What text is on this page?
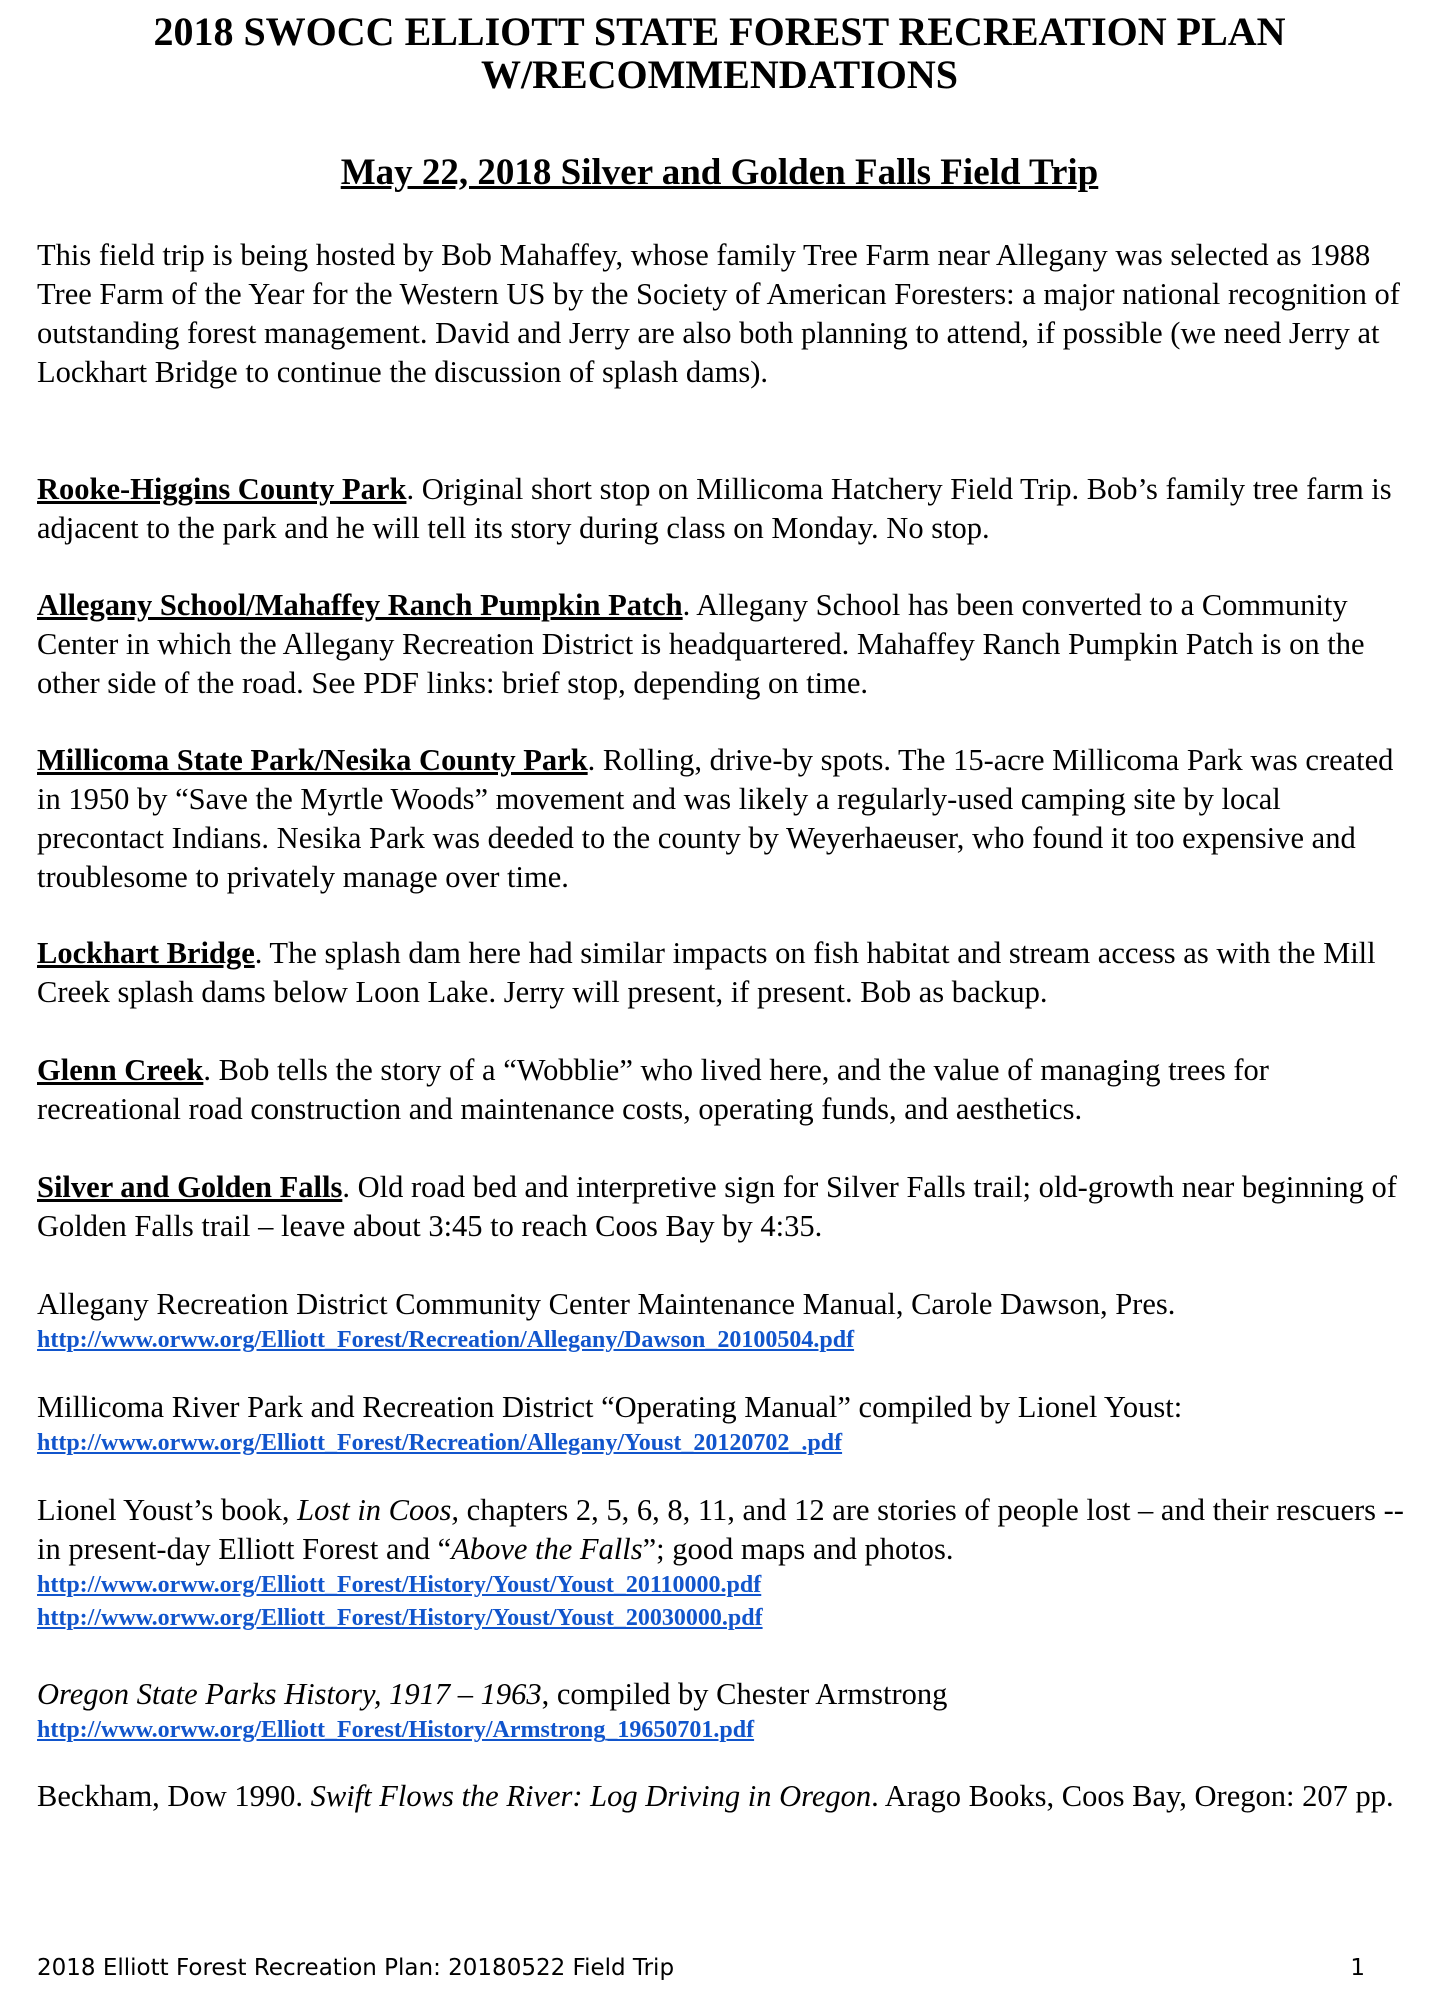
2018 SWOCC ELLIOTT STATE FOREST RECREATION PLAN
W/RECOMMENDATIONS
May 22, 2018 Silver and Golden Falls Field Trip

This field trip is being hosted by Bob Mahaffey, whose family Tree Farm near Allegany was selected as 1988 Tree Farm of the Year for the Western US by the Society of American Foresters: a major national recognition of outstanding forest management. David and Jerry are also both planning to attend, if possible (we need Jerry at Lockhart Bridge to continue the discussion of splash dams).

Rooke-Higgins County Park. Original short stop on Millicoma Hatchery Field Trip. Bob’s family tree farm is adjacent to the park and he will tell its story during class on Monday. No stop.

Allegany School/Mahaffey Ranch Pumpkin Patch. Allegany School has been converted to a Community Center in which the Allegany Recreation District is headquartered. Mahaffey Ranch Pumpkin Patch is on the other side of the road. See PDF links: brief stop, depending on time.

Millicoma State Park/Nesika County Park. Rolling, drive-by spots. The 15-acre Millicoma Park was created in 1950 by “Save the Myrtle Woods” movement and was likely a regularly-used camping site by local precontact Indians. Nesika Park was deeded to the county by Weyerhaeuser, who found it too expensive and troublesome to privately manage over time.

Lockhart Bridge. The splash dam here had similar impacts on fish habitat and stream access as with the Mill Creek splash dams below Loon Lake. Jerry will present, if present. Bob as backup.

Glenn Creek. Bob tells the story of a “Wobblie” who lived here, and the value of managing trees for recreational road construction and maintenance costs, operating funds, and aesthetics.

Silver and Golden Falls. Old road bed and interpretive sign for Silver Falls trail; old-growth near beginning of Golden Falls trail – leave about 3:45 to reach Coos Bay by 4:35.

Allegany Recreation District Community Center Maintenance Manual, Carole Dawson, Pres.
http://www.orww.org/Elliott_Forest/Recreation/Allegany/Dawson_20100504.pdf
Millicoma River Park and Recreation District “Operating Manual” compiled by Lionel Youst:
http://www.orww.org/Elliott_Forest/Recreation/Allegany/Youst_20120702_.pdf
Lionel Youst’s book, Lost in Coos, chapters 2, 5, 6, 8, 11, and 12 are stories of people lost – and their rescuers -- in present-day Elliott Forest and “Above the Falls”; good maps and photos.
http://www.orww.org/Elliott_Forest/History/Youst/Youst_20110000.pdf
http://www.orww.org/Elliott_Forest/History/Youst/Youst_20030000.pdf
Oregon State Parks History, 1917 – 1963, compiled by Chester Armstrong
http://www.orww.org/Elliott_Forest/History/Armstrong_19650701.pdf

Beckham, Dow 1990. Swift Flows the River: Log Driving in Oregon. Arago Books, Coos Bay, Oregon: 207 pp.

2018 Elliott Forest Recreation Plan: 20180522 Field Trip	1
